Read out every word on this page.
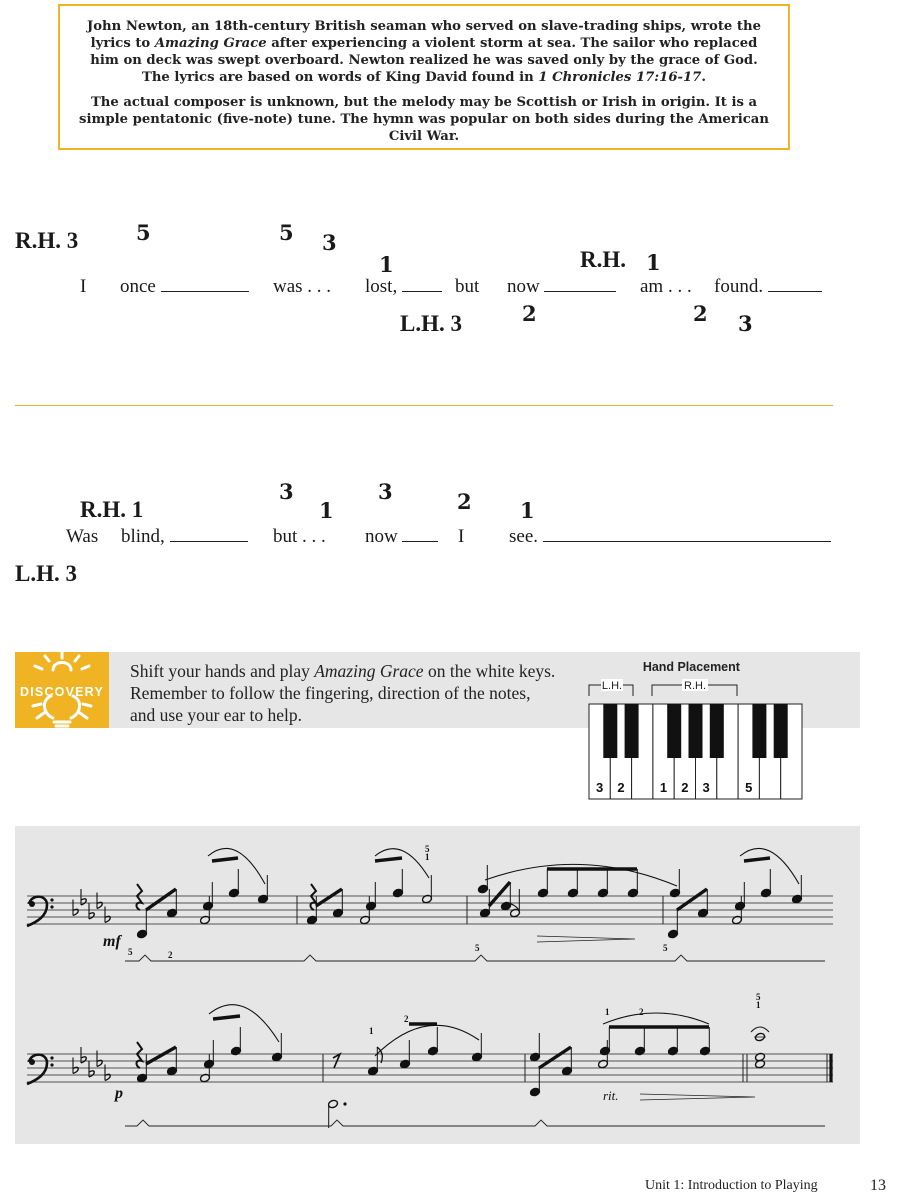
John Newton, an 18th-century British seaman who served on slave-trading ships, wrote the lyrics to Amazing Grace after experiencing a violent storm at sea. The sailor who replaced him on deck was swept overboard. Newton realized he was saved only by the grace of God. The lyrics are based on words of King David found in 1 Chronicles 17:16-17.

The actual composer is unknown, but the melody may be Scottish or Irish in origin. It is a simple pentatonic (five-note) tune. The hymn was popular on both sides during the American Civil War.

R.H. 3	5	5 3
1	R.H. 1
I once	was . . . lost,	but now	am . . . found.
L.H. 3	2	2 3
3	3	2
R.H. 1	1	1
Was blind,	but . . . now	I see.
L.H. 3
DISCOVERY
Shift your hands and play Amazing Grace on the white keys. Remember to follow the fingering, direction of the notes, and use your ear to help.
Hand Placement
L.H.	R.H.
3 2	1 2 3	5
mf
p	rit.
5	2
5
1
5	5
1
2
1	2
5
1
Unit 1: Introduction to Playing	13
